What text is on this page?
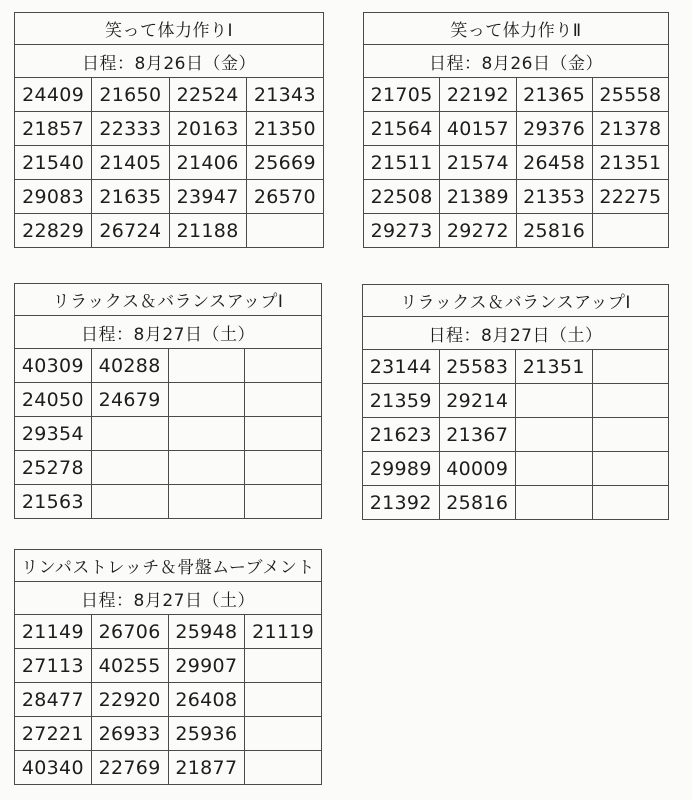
笑って体力作りⅠ			
日程：8月26日（金）			
24409	21650	22524	21343
21857	22333	20163	21350
21540	21405	21406	25669
29083	21635	23947	26570
22829	26724	21188	
笑って体力作りⅡ			
日程：8月26日（金）			
21705	22192	21365	25558
21564	40157	29376	21378
21511	21574	26458	21351
22508	21389	21353	22275
29273	29272	25816	
リラックス＆バランスアップⅠ			
日程：8月27日（土）			
40309	40288		
24050	24679		
29354			
25278			
21563			
リラックス＆バランスアップⅠ			
日程：8月27日（土）			
23144	25583	21351	
21359	29214		
21623	21367		
29989	40009		
21392	25816		
リンパストレッチ＆骨盤ムーブメント			
日程：8月27日（土）			
21149	26706	25948	21119
27113	40255	29907	
28477	22920	26408	
27221	26933	25936	
40340	22769	21877	
